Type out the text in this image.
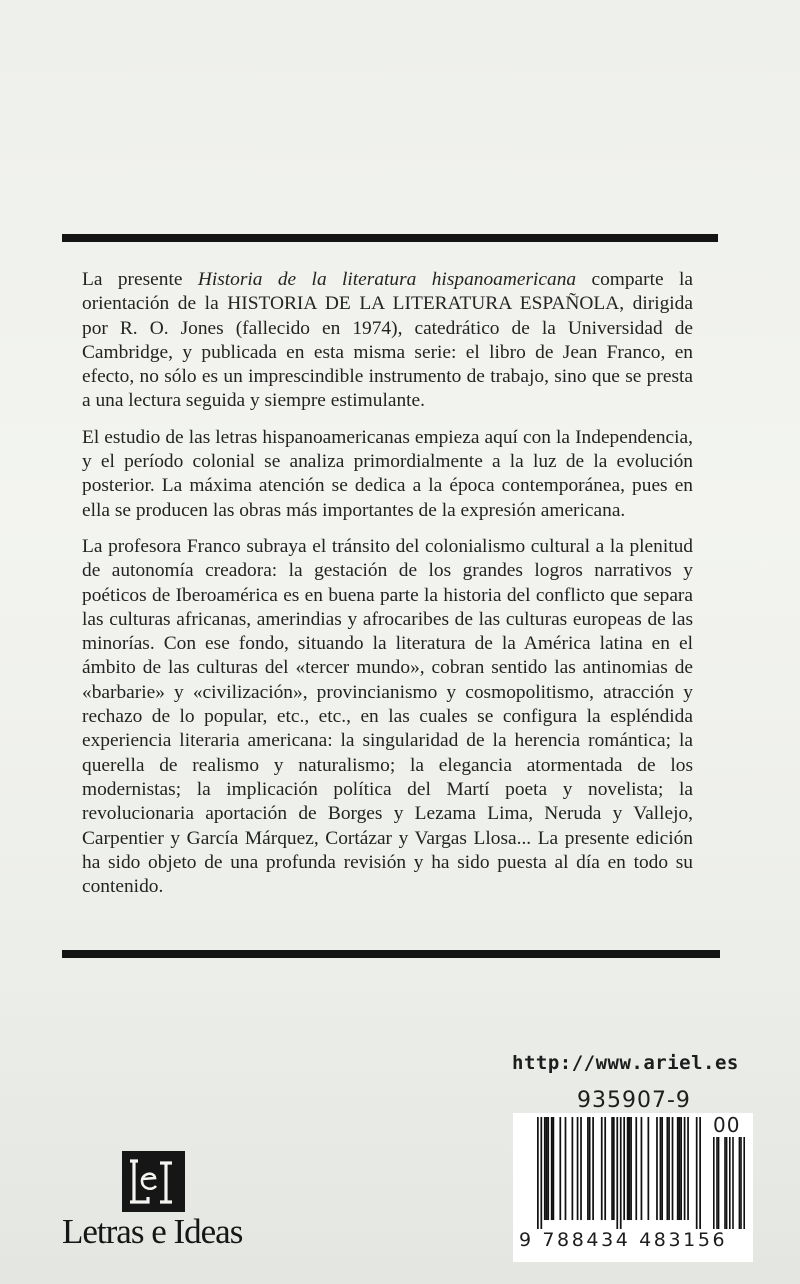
La presente Historia de la literatura hispanoamericana comparte la orientación de la HISTORIA DE LA LITERATURA ESPAÑOLA, dirigida por R. O. Jones (fallecido en 1974), catedrático de la Universidad de Cambridge, y publicada en esta misma serie: el libro de Jean Franco, en efecto, no sólo es un imprescindible instrumento de trabajo, sino que se presta a una lectura seguida y siempre estimulante.

El estudio de las letras hispanoamericanas empieza aquí con la Independencia, y el período colonial se analiza primordialmente a la luz de la evolución posterior. La máxima atención se dedica a la época contemporánea, pues en ella se producen las obras más importantes de la expresión americana.

La profesora Franco subraya el tránsito del colonialismo cultural a la plenitud de autonomía creadora: la gestación de los grandes logros narrativos y poéticos de Iberoamérica es en buena parte la historia del conflicto que separa las culturas africanas, amerindias y afrocaribes de las culturas europeas de las minorías. Con ese fondo, situando la literatura de la América latina en el ámbito de las culturas del «tercer mundo», cobran sentido las antinomias de «barbarie» y «civilización», provincianismo y cosmopolitismo, atracción y rechazo de lo popular, etc., etc., en las cuales se configura la espléndida experiencia literaria americana: la singularidad de la herencia romántica; la querella de realismo y naturalismo; la elegancia atormentada de los modernistas; la implicación política del Martí poeta y novelista; la revolucionaria aportación de Borges y Lezama Lima, Neruda y Vallejo, Carpentier y García Márquez, Cortázar y Vargas Llosa... La presente edición ha sido objeto de una profunda revisión y ha sido puesta al día en todo su contenido.

http://www.ariel.es
935907-9
00
9 788434 483156
Letras e Ideas
